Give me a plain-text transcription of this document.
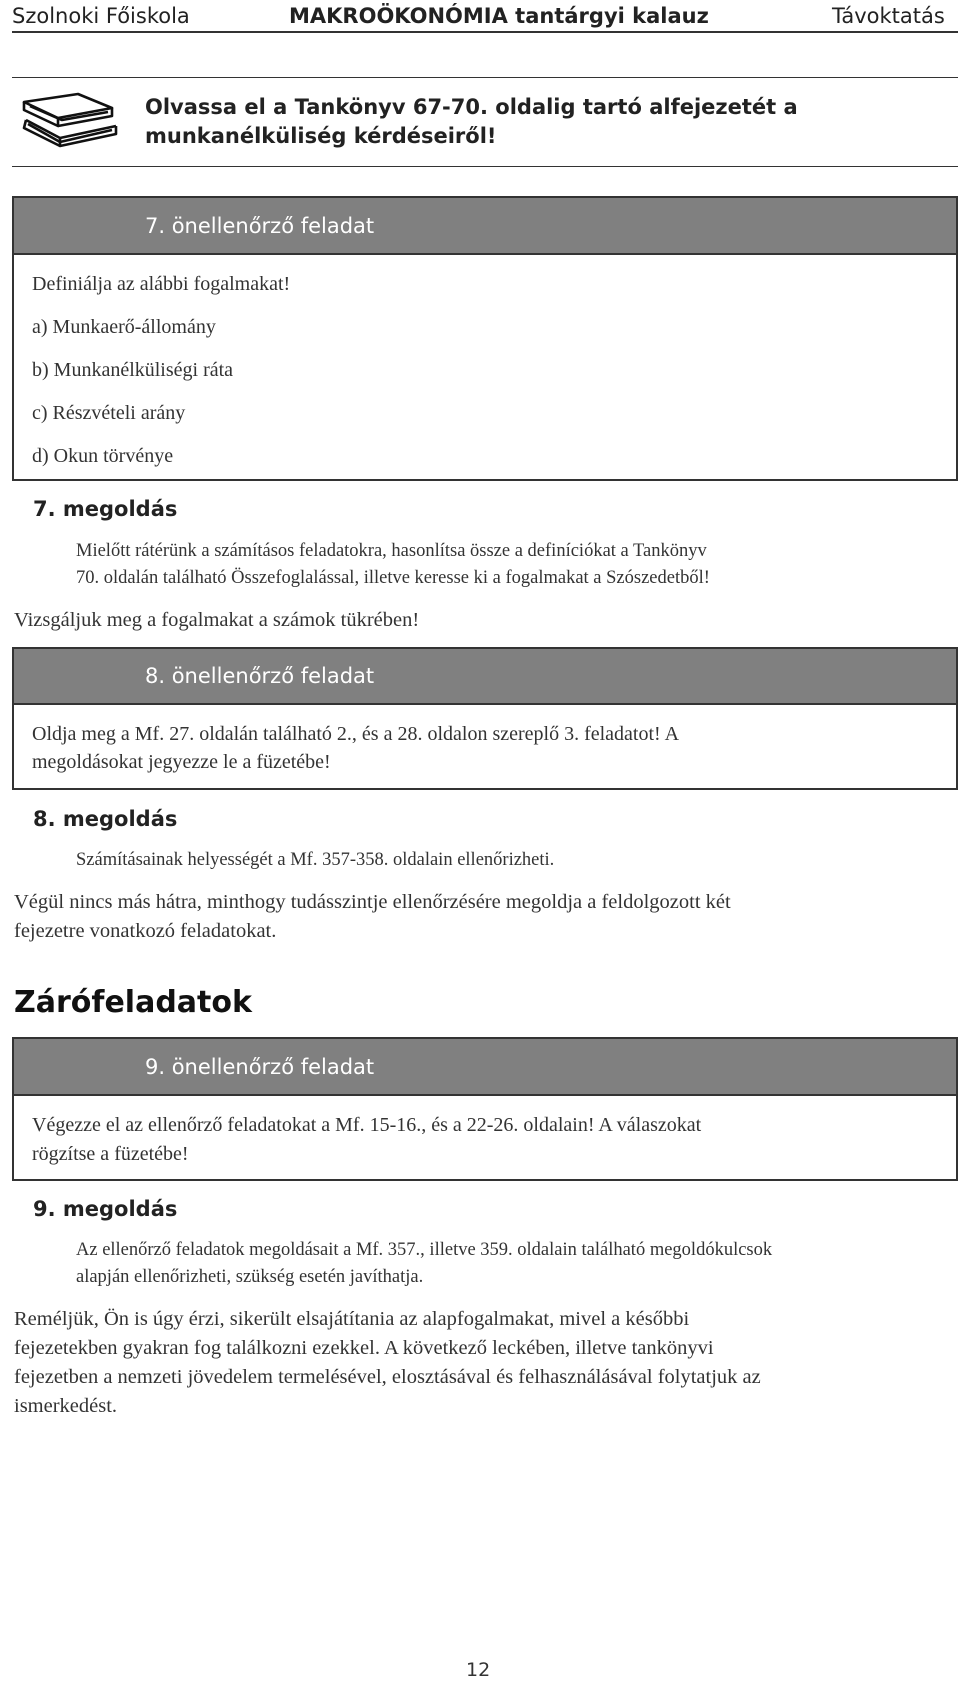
Szolnoki Főiskola	MAKROÖKONÓMIA tantárgyi kalauz	Távoktatás
Olvassa el a Tankönyv 67-70. oldalig tartó alfejezetét a
munkanélküliség kérdéseiről!
7. önellenőrző feladat
Definiálja az alábbi fogalmakat!
a) Munkaerő-állomány
b) Munkanélküliségi ráta
c) Részvételi arány
d) Okun törvénye
7. megoldás
Mielőtt rátérünk a számításos feladatokra, hasonlítsa össze a definíciókat a Tankönyv
70. oldalán található Összefoglalással, illetve keresse ki a fogalmakat a Szószedetből!
Vizsgáljuk meg a fogalmakat a számok tükrében!
8. önellenőrző feladat
Oldja meg a Mf. 27. oldalán található 2., és a 28. oldalon szereplő 3. feladatot! A
megoldásokat jegyezze le a füzetébe!
8. megoldás
Számításainak helyességét a Mf. 357-358. oldalain ellenőrizheti.
Végül nincs más hátra, minthogy tudásszintje ellenőrzésére megoldja a feldolgozott két
fejezetre vonatkozó feladatokat.
Zárófeladatok
9. önellenőrző feladat
Végezze el az ellenőrző feladatokat a Mf. 15-16., és a 22-26. oldalain! A válaszokat
rögzítse a füzetébe!
9. megoldás
Az ellenőrző feladatok megoldásait a Mf. 357., illetve 359. oldalain található megoldókulcsok
alapján ellenőrizheti, szükség esetén javíthatja.
Reméljük, Ön is úgy érzi, sikerült elsajátítania az alapfogalmakat, mivel a későbbi
fejezetekben gyakran fog találkozni ezekkel. A következő leckében, illetve tankönyvi
fejezetben a nemzeti jövedelem termelésével, elosztásával és felhasználásával folytatjuk az
ismerkedést.
12
